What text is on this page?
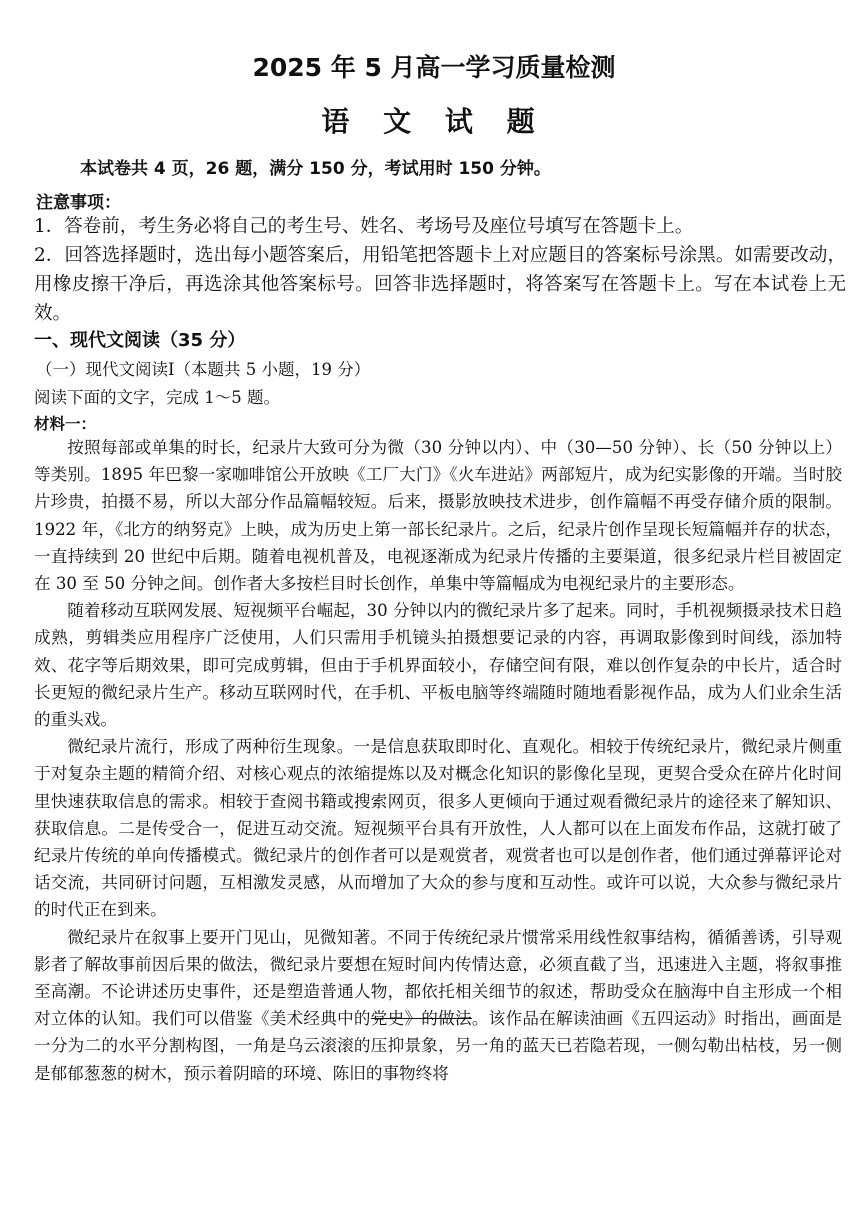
2025 年 5 月高一学习质量检测
语 文 试 题
本试卷共 4 页，26 题，满分 150 分，考试用时 150 分钟。
注意事项：
1．答卷前，考生务必将自己的考生号、姓名、考场号及座位号填写在答题卡上。
2．回答选择题时，选出每小题答案后，用铅笔把答题卡上对应题目的答案标号涂黑。如需要改动，用橡皮擦干净后，再选涂其他答案标号。回答非选择题时，将答案写在答题卡上。写在本试卷上无效。
一、现代文阅读（35 分）
（一）现代文阅读Ⅰ（本题共 5 小题，19 分）
阅读下面的文字，完成 1～5 题。
材料一：

按照每部或单集的时长，纪录片大致可分为微（30 分钟以内）、中（30—50 分钟）、长（50 分钟以上）等类别。1895 年巴黎一家咖啡馆公开放映《工厂大门》《火车进站》两部短片，成为纪实影像的开端。当时胶片珍贵，拍摄不易，所以大部分作品篇幅较短。后来，摄影放映技术进步，创作篇幅不再受存储介质的限制。1922 年，《北方的纳努克》上映，成为历史上第一部长纪录片。之后，纪录片创作呈现长短篇幅并存的状态，一直持续到 20 世纪中后期。随着电视机普及，电视逐渐成为纪录片传播的主要渠道，很多纪录片栏目被固定在 30 至 50 分钟之间。创作者大多按栏目时长创作，单集中等篇幅成为电视纪录片的主要形态。

随着移动互联网发展、短视频平台崛起，30 分钟以内的微纪录片多了起来。同时，手机视频摄录技术日趋成熟，剪辑类应用程序广泛使用，人们只需用手机镜头拍摄想要记录的内容，再调取影像到时间线，添加特效、花字等后期效果，即可完成剪辑，但由于手机界面较小，存储空间有限，难以创作复杂的中长片，适合时长更短的微纪录片生产。移动互联网时代，在手机、平板电脑等终端随时随地看影视作品，成为人们业余生活的重头戏。

微纪录片流行，形成了两种衍生现象。一是信息获取即时化、直观化。相较于传统纪录片，微纪录片侧重于对复杂主题的精简介绍、对核心观点的浓缩提炼以及对概念化知识的影像化呈现，更契合受众在碎片化时间里快速获取信息的需求。相较于查阅书籍或搜索网页，很多人更倾向于通过观看微纪录片的途径来了解知识、获取信息。二是传受合一，促进互动交流。短视频平台具有开放性，人人都可以在上面发布作品，这就打破了纪录片传统的单向传播模式。微纪录片的创作者可以是观赏者，观赏者也可以是创作者，他们通过弹幕评论对话交流，共同研讨问题，互相激发灵感，从而增加了大众的参与度和互动性。或许可以说，大众参与微纪录片的时代正在到来。

微纪录片在叙事上要开门见山，见微知著。不同于传统纪录片惯常采用线性叙事结构，循循善诱，引导观影者了解故事前因后果的做法，微纪录片要想在短时间内传情达意，必须直截了当，迅速进入主题，将叙事推至高潮。不论讲述历史事件，还是塑造普通人物，都依托相关细节的叙述，帮助受众在脑海中自主形成一个相对立体的认知。我们可以借鉴《美术经典中的党史》的做法。该作品在解读油画《五四运动》时指出，画面是一分为二的水平分割构图，一角是乌云滚滚的压抑景象，另一角的蓝天已若隐若现，一侧勾勒出枯枝，另一侧是郁郁葱葱的树木，预示着阴暗的环境、陈旧的事物终将
